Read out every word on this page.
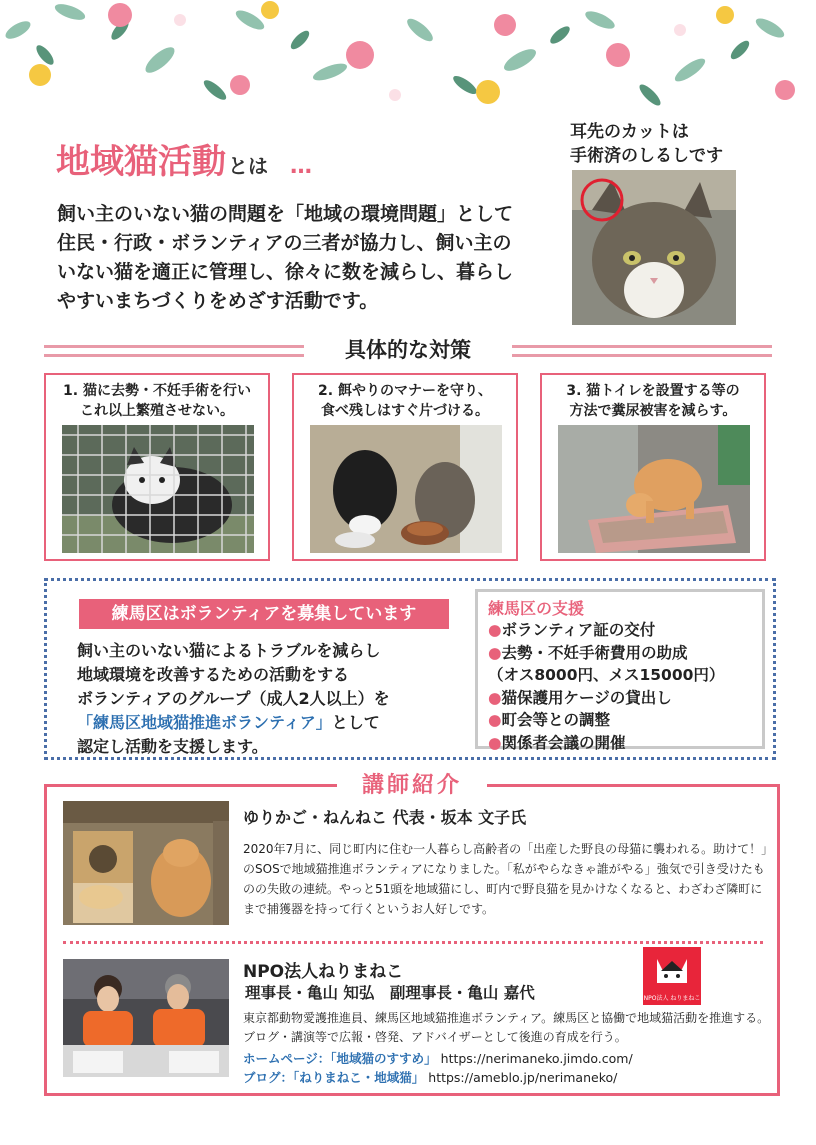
地域猫活動 とは …
飼い主のいない猫の問題を「地域の環境問題」として
住民・行政・ボランティアの三者が協力し、飼い主の
いない猫を適正に管理し、徐々に数を減らし、暮らし
やすいまちづくりをめざす活動です。
耳先のカットは
手術済のしるしです
具体的な対策
1. 猫に去勢・不妊手術を行い
これ以上繁殖させない。
2. 餌やりのマナーを守り、
食べ残しはすぐ片づける。
3. 猫トイレを設置する等の
方法で糞尿被害を減らす。
練馬区はボランティアを募集しています
飼い主のいない猫によるトラブルを減らし
地域環境を改善するための活動をする
ボランティアのグループ（成人2人以上）を
「練馬区地域猫推進ボランティア」として
認定し活動を支援します。
練馬区の支援
●ボランティア証の交付
●去勢・不妊手術費用の助成
（オス8000円、メス15000円）
●猫保護用ケージの貸出し
●町会等との調整
●関係者会議の開催
講師紹介
ゆりかご・ねんねこ 代表・坂本 文子氏
2020年7月に、同じ町内に住む一人暮らし高齢者の「出産した野良の母猫に襲われる。助けて！」のSOSで地域猫推進ボランティアになりました。「私がやらなきゃ誰がやる」強気で引き受けたものの失敗の連続。やっと51頭を地域猫にし、町内で野良猫を見かけなくなると、わざわざ隣町にまで捕獲器を持って行くというお人好しです。
NPO法人ねりまねこ
理事長・亀山 知弘　副理事長・亀山 嘉代	NPO法人 ねりまねこ
東京都動物愛護推進員、練馬区地域猫推進ボランティア。練馬区と協働で地域猫活動を推進する。ブログ・講演等で広報・啓発、アドバイザーとして後進の育成を行う。
ホームページ：「地域猫のすすめ」 https://nerimaneko.jimdo.com/
ブログ：「ねりまねこ・地域猫」 https://ameblo.jp/nerimaneko/
